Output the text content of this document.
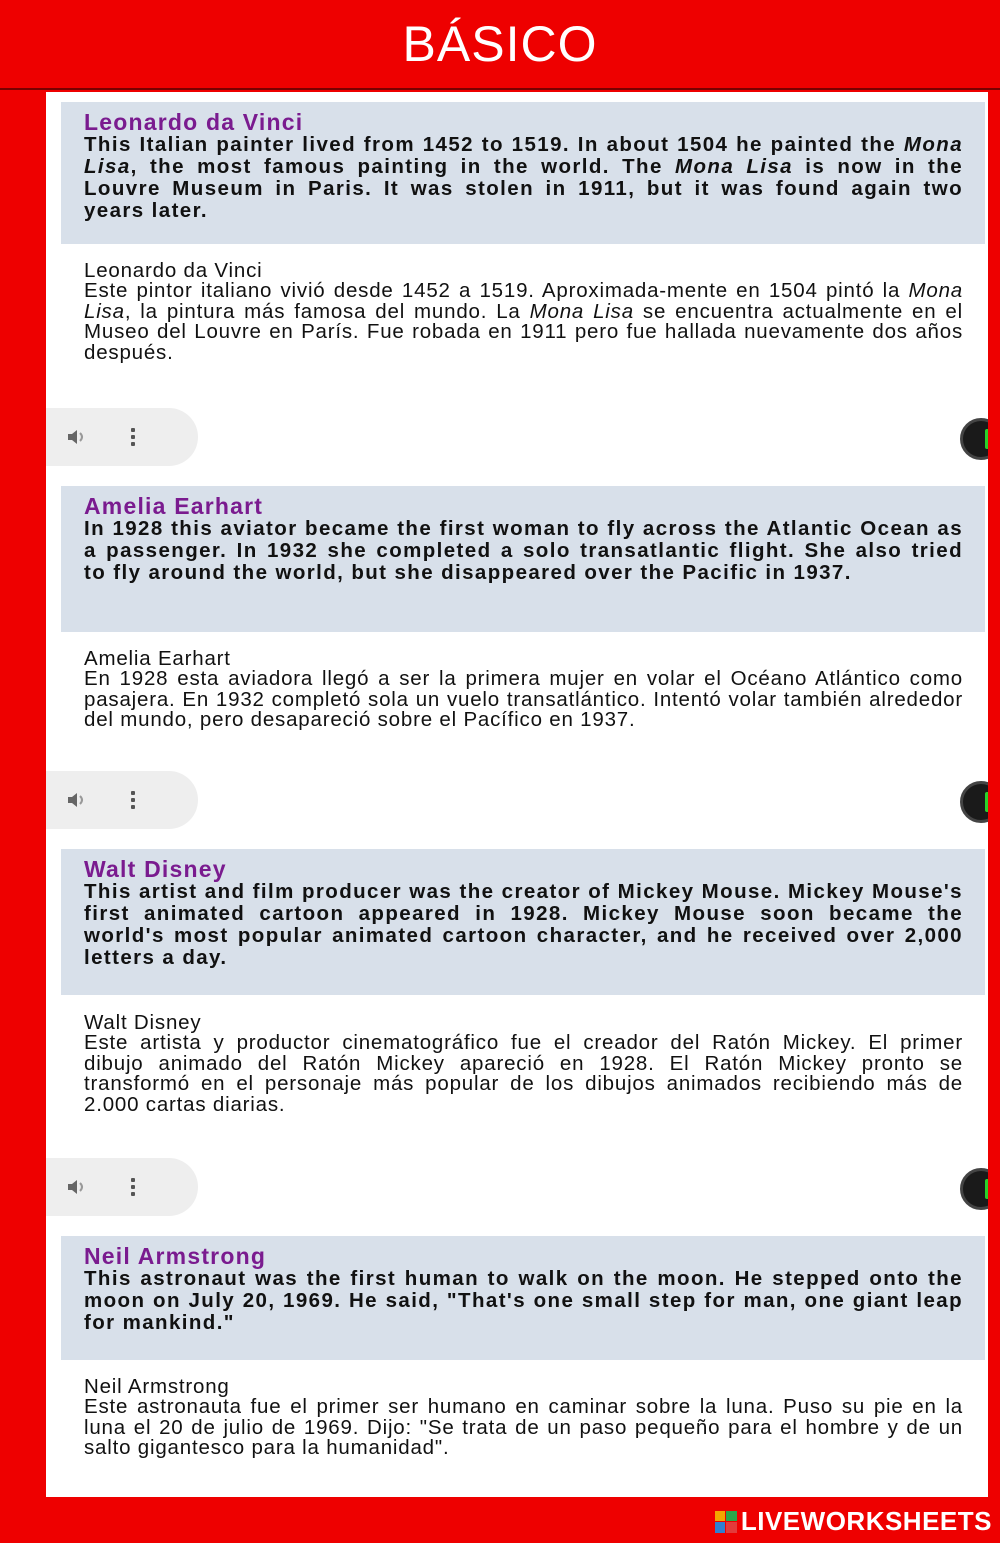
BÁSICO
Leonardo da Vinci
This Italian painter lived from 1452 to 1519. In about 1504 he painted the Mona Lisa, the most famous painting in the world. The Mona Lisa is now in the Louvre Museum in Paris. It was stolen in 1911, but it was found again two years later.
Leonardo da Vinci
Este pintor italiano vivió desde 1452 a 1519. Aproximada-mente en 1504 pintó la Mona Lisa, la pintura más famosa del mundo. La Mona Lisa se encuentra actualmente en el Museo del Louvre en París. Fue robada en 1911 pero fue hallada nuevamente dos años después.
Amelia Earhart
In 1928 this aviator became the first woman to fly across the Atlantic Ocean as a passenger. In 1932 she completed a solo transatlantic flight. She also tried to fly around the world, but she disappeared over the Pacific in 1937.
Amelia Earhart
En 1928 esta aviadora llegó a ser la primera mujer en volar el Océano Atlántico como pasajera. En 1932 completó sola un vuelo transatlántico. Intentó volar también alrededor del mundo, pero desapareció sobre el Pacífico en 1937.
Walt Disney
This artist and film producer was the creator of Mickey Mouse. Mickey Mouse's first animated cartoon appeared in 1928. Mickey Mouse soon became the world's most popular animated cartoon character, and he received over 2,000 letters a day.
Walt Disney
Este artista y productor cinematográfico fue el creador del Ratón Mickey. El primer dibujo animado del Ratón Mickey apareció en 1928. El Ratón Mickey pronto se transformó en el personaje más popular de los dibujos animados recibiendo más de 2.000 cartas diarias.
Neil Armstrong
This astronaut was the first human to walk on the moon. He stepped onto the moon on July 20, 1969. He said, "That's one small step for man, one giant leap for mankind."
Neil Armstrong
Este astronauta fue el primer ser humano en caminar sobre la luna. Puso su pie en la luna el 20 de julio de 1969. Dijo: "Se trata de un paso pequeño para el hombre y de un salto gigantesco para la humanidad".
LIVEWORKSHEETS
